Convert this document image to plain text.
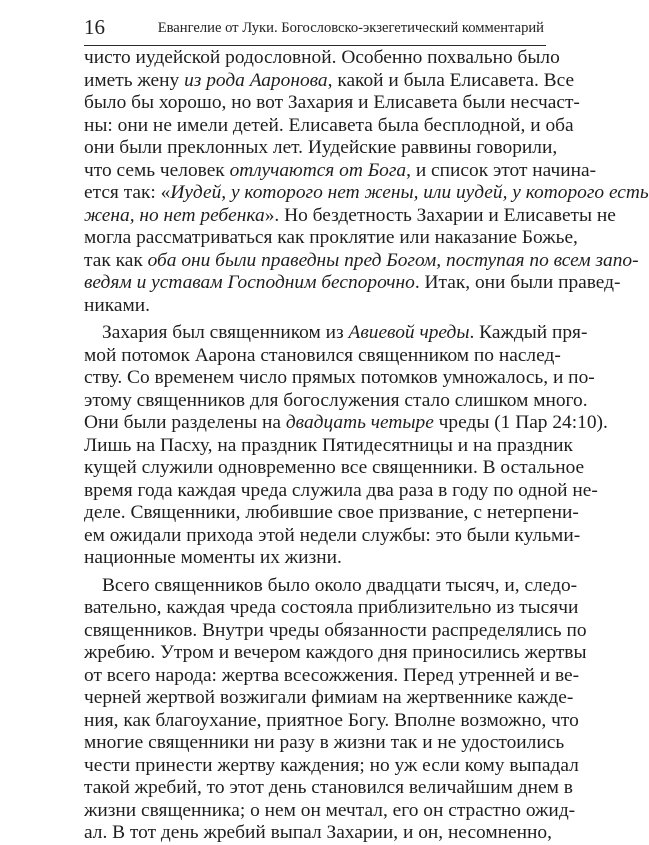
16	Евангелие от Луки. Богословско-экзегетический комментарий
чисто иудейской родословной. Особенно похвально было
иметь жену из рода Ааронова, какой и была Елисавета. Все
было бы хорошо, но вот Захария и Елисавета были несчаст-
ны: они не имели детей. Елисавета была бесплодной, и оба
они были преклонных лет. Иудейские раввины говорили,
что семь человек отлучаются от Бога, и список этот начина-
ется так: «Иудей, у которого нет жены, или иудей, у которого есть
жена, но нет ребенка». Но бездетность Захарии и Елисаветы не
могла рассматриваться как проклятие или наказание Божье,
так как оба они были праведны пред Богом, поступая по всем запо-
ведям и уставам Господним беспорочно. Итак, они были правед-
никами.
Захария был священником из Авиевой чреды. Каждый пря-
мой потомок Аарона становился священником по наслед-
ству. Со временем число прямых потомков умножалось, и по-
этому священников для богослужения стало слишком много.
Они были разделены на двадцать четыре чреды (1 Пар 24:10).
Лишь на Пасху, на праздник Пятидесятницы и на праздник
кущей служили одновременно все священники. В остальное
время года каждая чреда служила два раза в году по одной не-
деле. Священники, любившие свое призвание, с нетерпени-
ем ожидали прихода этой недели службы: это были кульми-
национные моменты их жизни.
Всего священников было около двадцати тысяч, и, следо-
вательно, каждая чреда состояла приблизительно из тысячи
священников. Внутри чреды обязанности распределялись по
жребию. Утром и вечером каждого дня приносились жертвы
от всего народа: жертва всесожжения. Перед утренней и ве-
черней жертвой возжигали фимиам на жертвеннике кажде-
ния, как благоухание, приятное Богу. Вполне возможно, что
многие священники ни разу в жизни так и не удостоились
чести принести жертву каждения; но уж если кому выпадал
такой жребий, то этот день становился величайшим днем в
жизни священника; о нем он мечтал, его он страстно ожид-
ал. В тот день жребий выпал Захарии, и он, несомненно,
